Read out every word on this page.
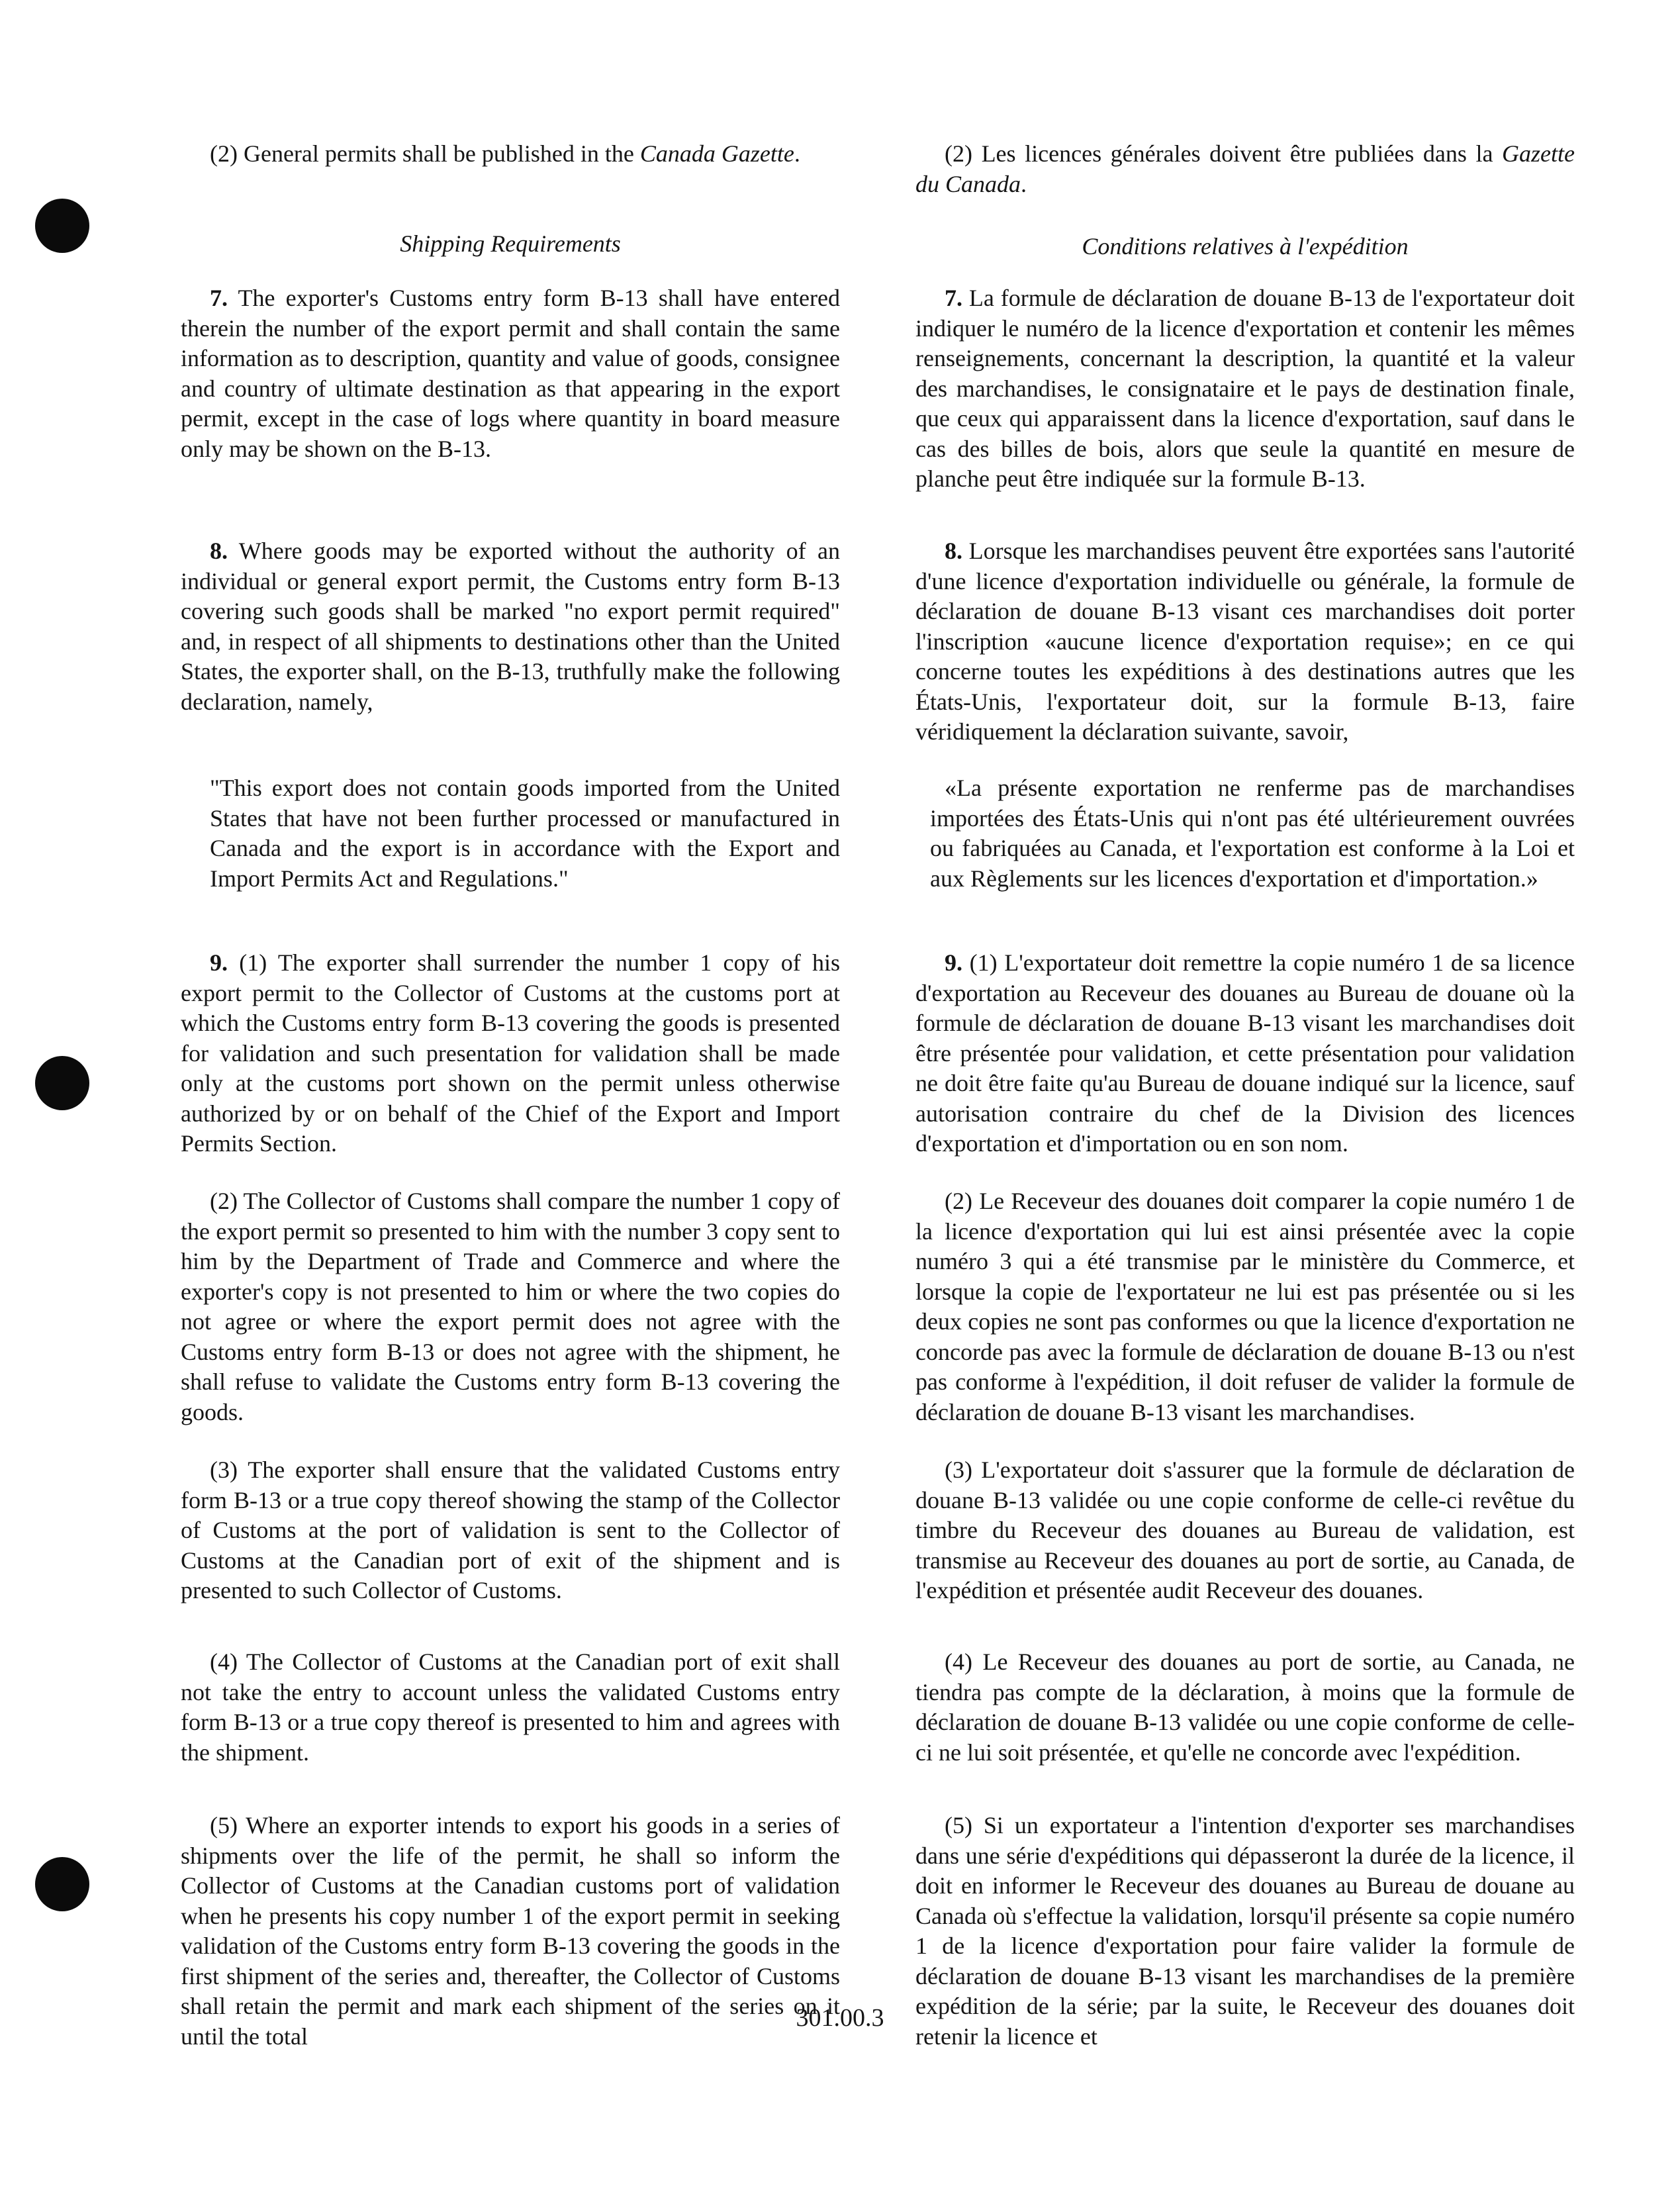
(2) General permits shall be published in the Canada Gazette.

Shipping Requirements

7. The exporter's Customs entry form B-13 shall have entered therein the number of the export permit and shall contain the same information as to description, quantity and value of goods, consignee and country of ultimate destination as that appearing in the export permit, except in the case of logs where quantity in board measure only may be shown on the B-13.

8. Where goods may be exported without the authority of an individual or general export permit, the Customs entry form B-13 covering such goods shall be marked "no export permit required" and, in respect of all shipments to destinations other than the United States, the exporter shall, on the B-13, truthfully make the following declaration, namely,

"This export does not contain goods imported from the United States that have not been further processed or manufactured in Canada and the export is in accordance with the Export and Import Permits Act and Regulations."

9. (1) The exporter shall surrender the number 1 copy of his export permit to the Collector of Customs at the customs port at which the Customs entry form B-13 covering the goods is presented for validation and such presentation for validation shall be made only at the customs port shown on the permit unless otherwise authorized by or on behalf of the Chief of the Export and Import Permits Section.

(2) The Collector of Customs shall compare the number 1 copy of the export permit so presented to him with the number 3 copy sent to him by the Department of Trade and Commerce and where the exporter's copy is not presented to him or where the two copies do not agree or where the export permit does not agree with the Customs entry form B-13 or does not agree with the shipment, he shall refuse to validate the Customs entry form B-13 covering the goods.

(3) The exporter shall ensure that the validated Customs entry form B-13 or a true copy thereof showing the stamp of the Collector of Customs at the port of validation is sent to the Collector of Customs at the Canadian port of exit of the shipment and is presented to such Collector of Customs.

(4) The Collector of Customs at the Canadian port of exit shall not take the entry to account unless the validated Customs entry form B-13 or a true copy thereof is presented to him and agrees with the shipment.

(5) Where an exporter intends to export his goods in a series of shipments over the life of the permit, he shall so inform the Collector of Customs at the Canadian customs port of validation when he presents his copy number 1 of the export permit in seeking validation of the Customs entry form B-13 covering the goods in the first shipment of the series and, thereafter, the Collector of Customs shall retain the permit and mark each shipment of the series on it until the total

(2) Les licences générales doivent être publiées dans la Gazette du Canada.

Conditions relatives à l'expédition

7. La formule de déclaration de douane B-13 de l'exportateur doit indiquer le numéro de la licence d'exportation et contenir les mêmes renseignements, concernant la description, la quantité et la valeur des marchandises, le consignataire et le pays de destination finale, que ceux qui apparaissent dans la licence d'exportation, sauf dans le cas des billes de bois, alors que seule la quantité en mesure de planche peut être indiquée sur la formule B-13.

8. Lorsque les marchandises peuvent être exportées sans l'autorité d'une licence d'exportation individuelle ou générale, la formule de déclaration de douane B-13 visant ces marchandises doit porter l'inscription «aucune licence d'exportation requise»; en ce qui concerne toutes les expéditions à des destinations autres que les États-Unis, l'exportateur doit, sur la formule B-13, faire véridiquement la déclaration suivante, savoir,

«La présente exportation ne renferme pas de marchandises importées des États-Unis qui n'ont pas été ultérieurement ouvrées ou fabriquées au Canada, et l'exportation est conforme à la Loi et aux Règlements sur les licences d'exportation et d'importation.»

9. (1) L'exportateur doit remettre la copie numéro 1 de sa licence d'exportation au Receveur des douanes au Bureau de douane où la formule de déclaration de douane B-13 visant les marchandises doit être présentée pour validation, et cette présentation pour validation ne doit être faite qu'au Bureau de douane indiqué sur la licence, sauf autorisation contraire du chef de la Division des licences d'exportation et d'importation ou en son nom.

(2) Le Receveur des douanes doit comparer la copie numéro 1 de la licence d'exportation qui lui est ainsi présentée avec la copie numéro 3 qui a été transmise par le ministère du Commerce, et lorsque la copie de l'exportateur ne lui est pas présentée ou si les deux copies ne sont pas conformes ou que la licence d'exportation ne concorde pas avec la formule de déclaration de douane B-13 ou n'est pas conforme à l'expédition, il doit refuser de valider la formule de déclaration de douane B-13 visant les marchandises.

(3) L'exportateur doit s'assurer que la formule de déclaration de douane B-13 validée ou une copie conforme de celle-ci revêtue du timbre du Receveur des douanes au Bureau de validation, est transmise au Receveur des douanes au port de sortie, au Canada, de l'expédition et présentée audit Receveur des douanes.

(4) Le Receveur des douanes au port de sortie, au Canada, ne tiendra pas compte de la déclaration, à moins que la formule de déclaration de douane B-13 validée ou une copie conforme de celle-ci ne lui soit présentée, et qu'elle ne concorde avec l'expédition.

(5) Si un exportateur a l'intention d'exporter ses marchandises dans une série d'expéditions qui dépasseront la durée de la licence, il doit en informer le Receveur des douanes au Bureau de douane au Canada où s'effectue la validation, lorsqu'il présente sa copie numéro 1 de la licence d'exportation pour faire valider la formule de déclaration de douane B-13 visant les marchandises de la première expédition de la série; par la suite, le Receveur des douanes doit retenir la licence et

301.00.3
